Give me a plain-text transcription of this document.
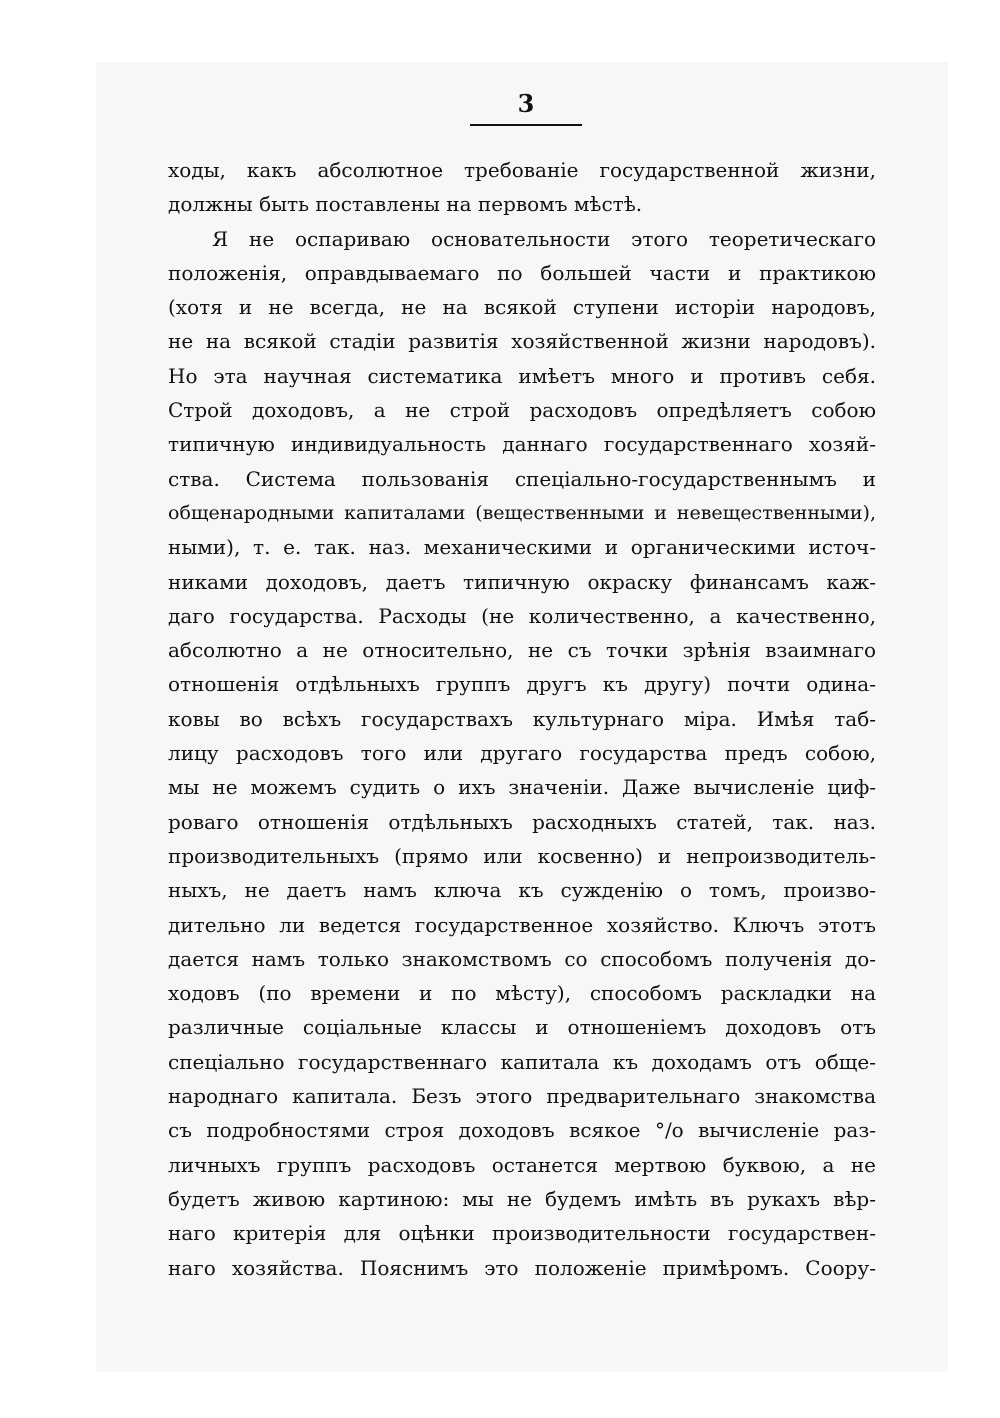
3
ходы, какъ абсолютное требованіе государственной жизни,
должны быть поставлены на первомъ мѣстѣ.
Я не оспариваю основательности этого теоретическаго
положенія, оправдываемаго по большей части и практикою
(хотя и не всегда, не на всякой ступени исторіи народовъ,
не на всякой стадіи развитія хозяйственной жизни народовъ).
Но эта научная систематика имѣетъ много и противъ себя.
Строй доходовъ, а не строй расходовъ опредѣляетъ собою
типичную индивидуальность даннаго государственнаго хозяй-
ства. Система пользованія спеціально-государственнымъ и
общенародными капиталами (вещественными и невещественными),
ными), т. е. так. наз. механическими и органическими источ-
никами доходовъ, даетъ типичную окраску финансамъ каж-
даго государства. Расходы (не количественно, а качественно,
абсолютно а не относительно, не съ точки зрѣнія взаимнаго
отношенія отдѣльныхъ группъ другъ къ другу) почти одина-
ковы во всѣхъ государствахъ культурнаго міра. Имѣя таб-
лицу расходовъ того или другаго государства предъ собою,
мы не можемъ судить о ихъ значеніи. Даже вычисленіе циф-
роваго отношенія отдѣльныхъ расходныхъ статей, так. наз.
производительныхъ (прямо или косвенно) и непроизводитель-
ныхъ, не даетъ намъ ключа къ сужденію о томъ, произво-
дительно ли ведется государственное хозяйство. Ключъ этотъ
дается намъ только знакомствомъ со способомъ полученія до-
ходовъ (по времени и по мѣсту), способомъ раскладки на
различные соціальные классы и отношеніемъ доходовъ отъ
спеціально государственнаго капитала къ доходамъ отъ обще-
народнаго капитала. Безъ этого предварительнаго знакомства
съ подробностями строя доходовъ всякое °/о вычисленіе раз-
личныхъ группъ расходовъ останется мертвою буквою, а не
будетъ живою картиною: мы не будемъ имѣть въ рукахъ вѣр-
наго критерія для оцѣнки производительности государствен-
наго хозяйства. Пояснимъ это положеніе примѣромъ. Соору-
